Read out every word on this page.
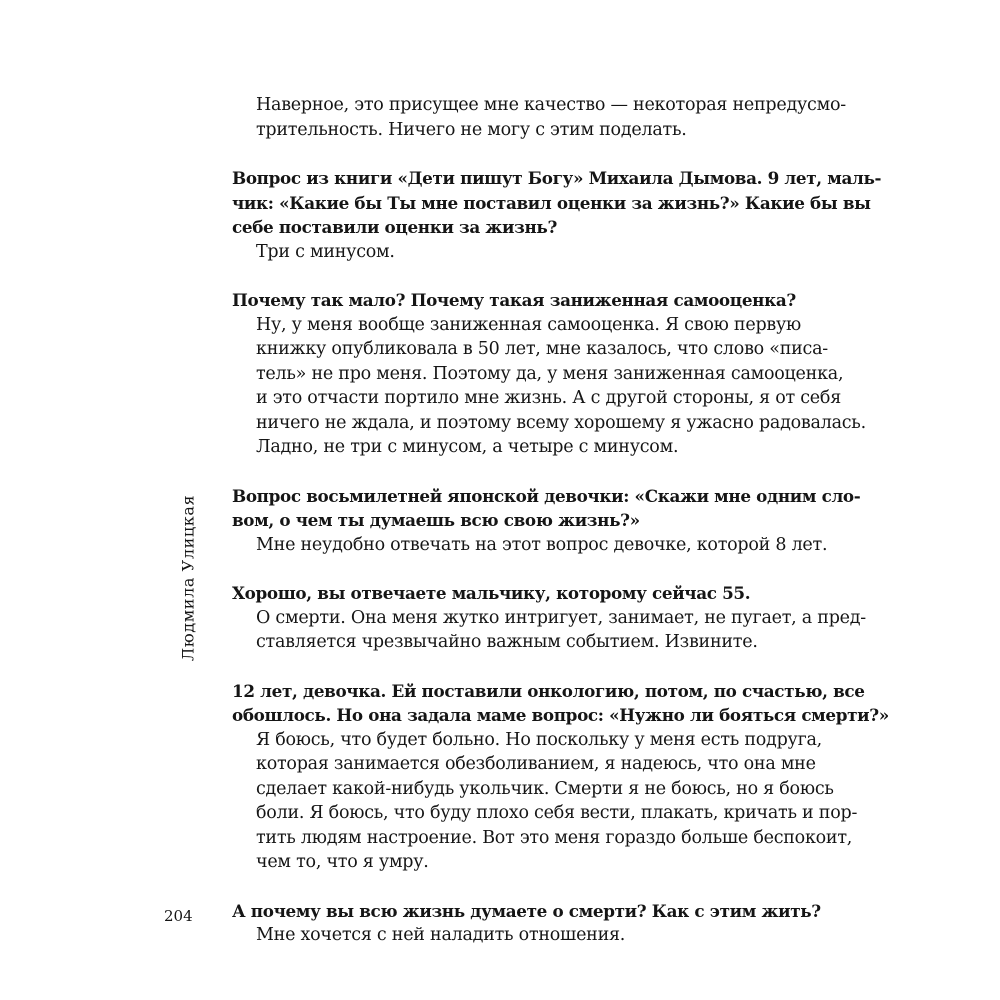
Людмила Улицкая
Наверное, это присущее мне качество — некоторая непредусмо-
трительность. Ничего не могу с этим поделать.
Вопрос из книги «Дети пишут Богу» Михаила Дымова. 9 лет, маль-
чик: «Какие бы Ты мне поставил оценки за жизнь?» Какие бы вы
себе поставили оценки за жизнь?
Три с минусом.
Почему так мало? Почему такая заниженная самооценка?
Ну, у меня вообще заниженная самооценка. Я свою первую
книжку опубликовала в 50 лет, мне казалось, что слово «писа-
тель» не про меня. Поэтому да, у меня заниженная самооценка,
и это отчасти портило мне жизнь. А с другой стороны, я от себя
ничего не ждала, и поэтому всему хорошему я ужасно радовалась.
Ладно, не три с минусом, а четыре с минусом.
Вопрос восьмилетней японской девочки: «Скажи мне одним сло-
вом, о чем ты думаешь всю свою жизнь?»
Мне неудобно отвечать на этот вопрос девочке, которой 8 лет.
Хорошо, вы отвечаете мальчику, которому сейчас 55.
О смерти. Она меня жутко интригует, занимает, не пугает, а пред-
ставляется чрезвычайно важным событием. Извините.
12 лет, девочка. Ей поставили онкологию, потом, по счастью, все
обошлось. Но она задала маме вопрос: «Нужно ли бояться смерти?»
Я боюсь, что будет больно. Но поскольку у меня есть подруга,
которая занимается обезболиванием, я надеюсь, что она мне
сделает какой-нибудь укольчик. Смерти я не боюсь, но я боюсь
боли. Я боюсь, что буду плохо себя вести, плакать, кричать и пор-
тить людям настроение. Вот это меня гораздо больше беспокоит,
чем то, что я умру.
А почему вы всю жизнь думаете о смерти? Как с этим жить?
Мне хочется с ней наладить отношения.
204
